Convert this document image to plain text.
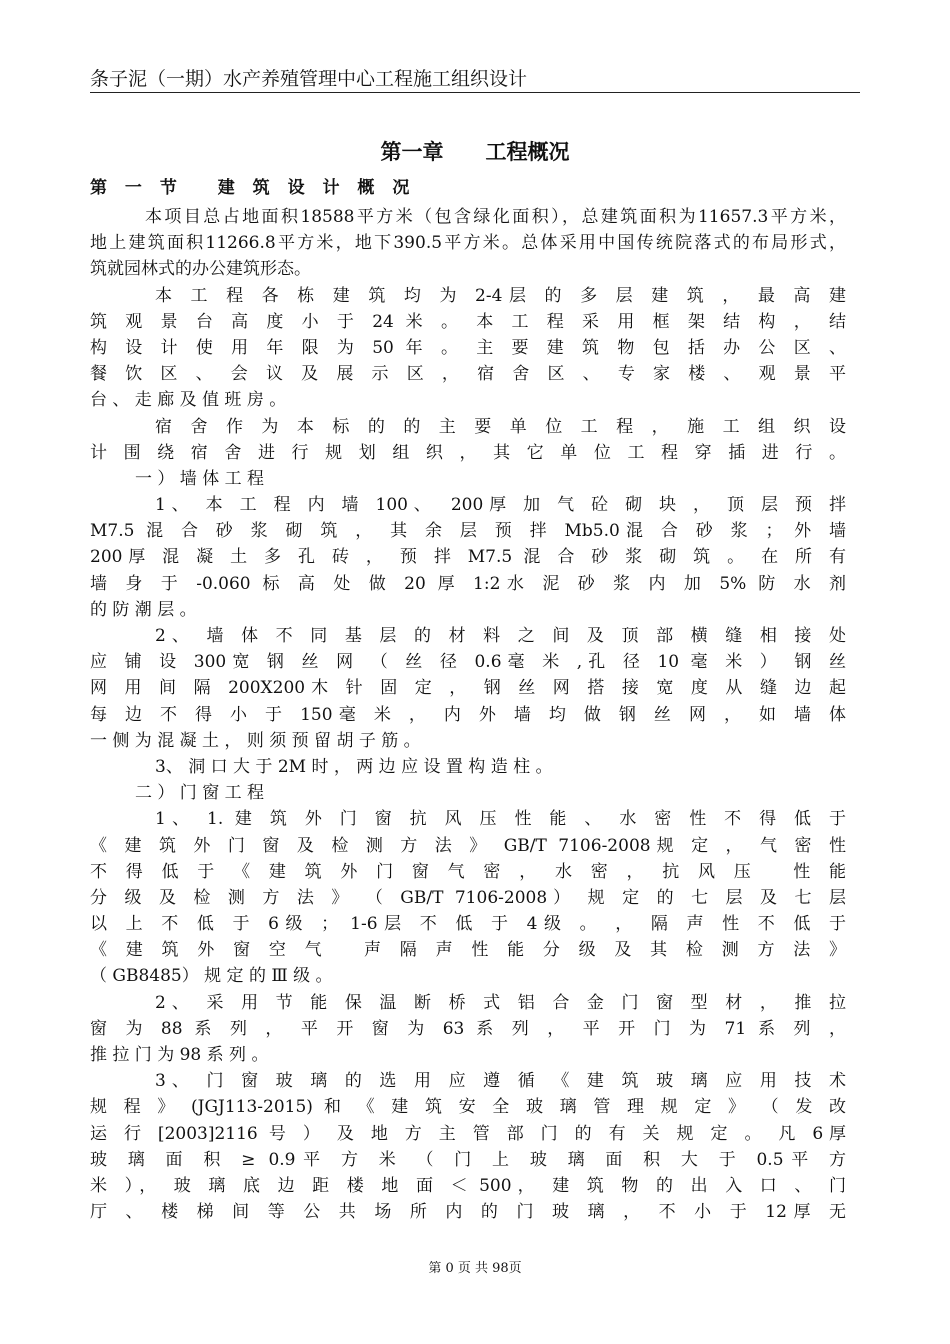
条子泥（一期）水产养殖管理中心工程施工组织设计
第一章　　工程概况
第 一 节　 建 筑 设 计 概 况
本项目总占地面积18588平方米（包含绿化面积），总建筑面积为11657.3平方米，
地上建筑面积11266.8平方米，地下390.5平方米。总体采用中国传统院落式的布局形式，
筑就园林式的办公建筑形态。
本 工 程 各 栋 建 筑 均 为 2-4层 的 多 层 建 筑 ， 最 高 建
筑 观 景 台 高 度 小 于 24 米 。 本 工 程 采 用 框 架 结 构 ， 结
构 设 计 使 用 年 限 为 50 年 。 主 要 建 筑 物 包 括 办 公 区 、
餐 饮 区 、 会 议 及 展 示 区 ， 宿 舍 区 、 专 家 楼 、 观 景 平
台 、 走 廊 及 值 班 房 。
宿 舍 作 为 本 标 的 的 主 要 单 位 工 程 ， 施 工 组 织 设
计 围 绕 宿 舍 进 行 规 划 组 织 ， 其 它 单 位 工 程 穿 插 进 行 。
一 ） 墙 体 工 程
1、 本 工 程 内 墙 100、　200厚 加 气 砼 砌 块 ， 顶 层 预 拌
M7.5 混 合 砂 浆 砌 筑 ， 其 余 层 预 拌 Mb5.0混 合 砂 浆 ； 外 墙
200厚 混 凝 土 多 孔 砖 ， 预 拌 M7.5 混 合 砂 浆 砌 筑 。 在 所 有
墙 身 于 -0.060 标 高 处 做 20 厚 1:2水 泥 砂 浆 内 加 5% 防 水 剂
的 防 潮 层 。
2、 墙 体 不 同 基 层 的 材 料 之 间 及 顶 部 横 缝 相 接 处
应 铺 设 300宽 钢 丝 网 （ 丝 径 0.6毫 米 ,孔 径 10 毫 米 ） 钢 丝
网 用 间 隔 200X200木 针 固 定 ， 钢 丝 网 搭 接 宽 度 从 缝 边 起
每 边 不 得 小 于 150毫 米 ， 内 外 墙 均 做 钢 丝 网 ， 如 墙 体
一 侧 为 混 凝 土 ， 则 须 预 留 胡 子 筋 。
3、 洞 口 大 于 2M 时 ， 两 边 应 设 置 构 造 柱 。
二 ） 门 窗 工 程
1、 1. 建 筑 外 门 窗 抗 风 压 性 能 、 水 密 性 不 得 低 于
《 建 筑 外 门 窗 及 检 测 方 法 》 GB/T 7106-2008规 定 ， 气 密 性
不 得 低 于 《 建 筑 外 门 窗 气 密 ， 水 密 ， 抗 风 压　 性 能
分 级 及 检 测 方 法 》 （ GB/T 7106-2008） 规 定 的 七 层 及 七 层
以 上 不 低 于 6级 ； 1-6层 不 低 于 4级 。 ， 隔 声 性 不 低 于
《 建 筑 外 窗 空 气　 声 隔 声 性 能 分 级 及 其 检 测 方 法 》
（ GB8485） 规 定 的 Ⅲ 级 。
2、 采 用 节 能 保 温 断 桥 式 铝 合 金 门 窗 型 材 ， 推 拉
窗 为 88 系 列 ， 平 开 窗 为 63 系 列 ， 平 开 门 为 71 系 列 ，
推 拉 门 为 98 系 列 。
3、 门 窗 玻 璃 的 选 用 应 遵 循 《 建 筑 玻 璃 应 用 技 术
规 程 》 (JGJ113-2015) 和 《 建 筑 安 全 玻 璃 管 理 规 定 》 （ 发 改
运 行 [2003]2116 号 ） 及 地 方 主 管 部 门 的 有 关 规 定 。 凡 6厚
玻 璃 面 积 ≥ 0.9平 方 米 （ 门 上 玻 璃 面 积 大 于 0.5平 方
米 ）， 玻 璃 底 边 距 楼 地 面 ＜ 500， 建 筑 物 的 出 入 口 、 门
厅 、 楼 梯 间 等 公 共 场 所 内 的 门 玻 璃 ， 不 小 于 12厚 无
第 0 页 共 98页
